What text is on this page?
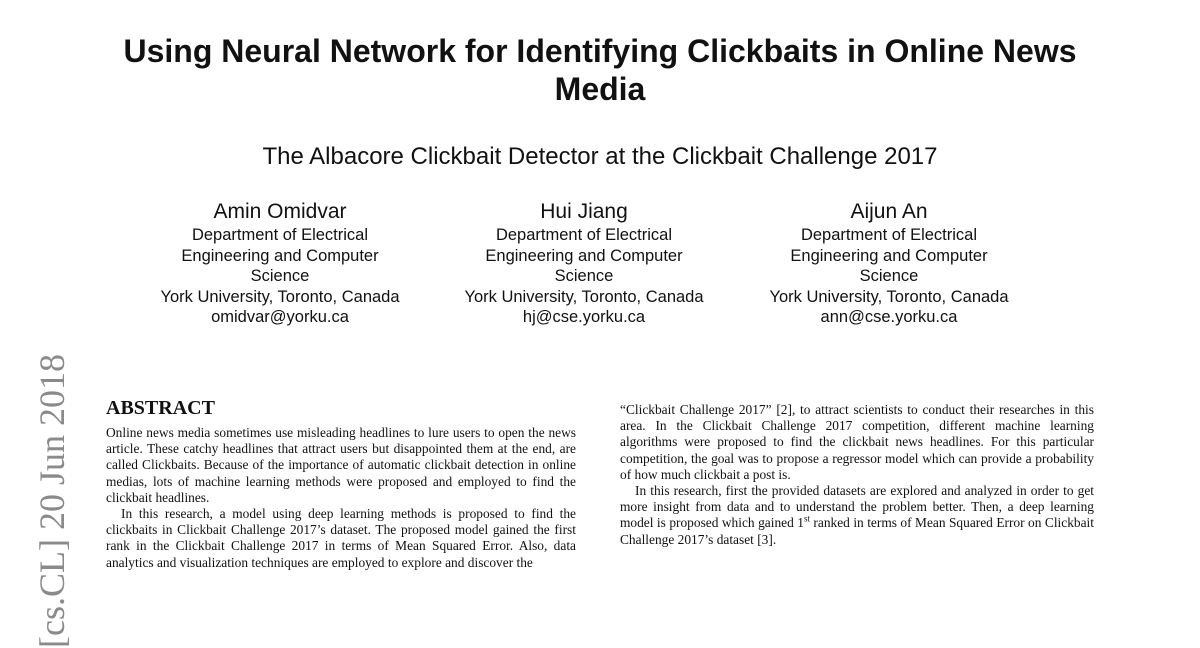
Using Neural Network for Identifying Clickbaits in Online News Media
The Albacore Clickbait Detector at the Clickbait Challenge 2017
Amin Omidvar
Department of Electrical Engineering and Computer Science
York University, Toronto, Canada
omidvar@yorku.ca
Hui Jiang
Department of Electrical Engineering and Computer Science
York University, Toronto, Canada
hj@cse.yorku.ca
Aijun An
Department of Electrical Engineering and Computer Science
York University, Toronto, Canada
ann@cse.yorku.ca
[cs.CL] 20 Jun 2018 ABSTRACT

Online news media sometimes use misleading headlines to lure users to open the news article. These catchy headlines that attract users but disappointed them at the end, are called Clickbaits. Because of the importance of automatic clickbait detection in online medias, lots of machine learning methods were proposed and employed to find the clickbait headlines.

In this research, a model using deep learning methods is proposed to find the clickbaits in Clickbait Challenge 2017’s dataset. The proposed model gained the first rank in the Clickbait Challenge 2017 in terms of Mean Squared Error. Also, data analytics and visualization techniques are employed to explore and discover the

“Clickbait Challenge 2017” [2], to attract scientists to conduct their researches in this area. In the Clickbait Challenge 2017 competition, different machine learning algorithms were proposed to find the clickbait news headlines. For this particular competition, the goal was to propose a regressor model which can provide a probability of how much clickbait a post is.

In this research, first the provided datasets are explored and analyzed in order to get more insight from data and to understand the problem better. Then, a deep learning model is proposed which gained 1st ranked in terms of Mean Squared Error on Clickbait Challenge 2017’s dataset [3].
